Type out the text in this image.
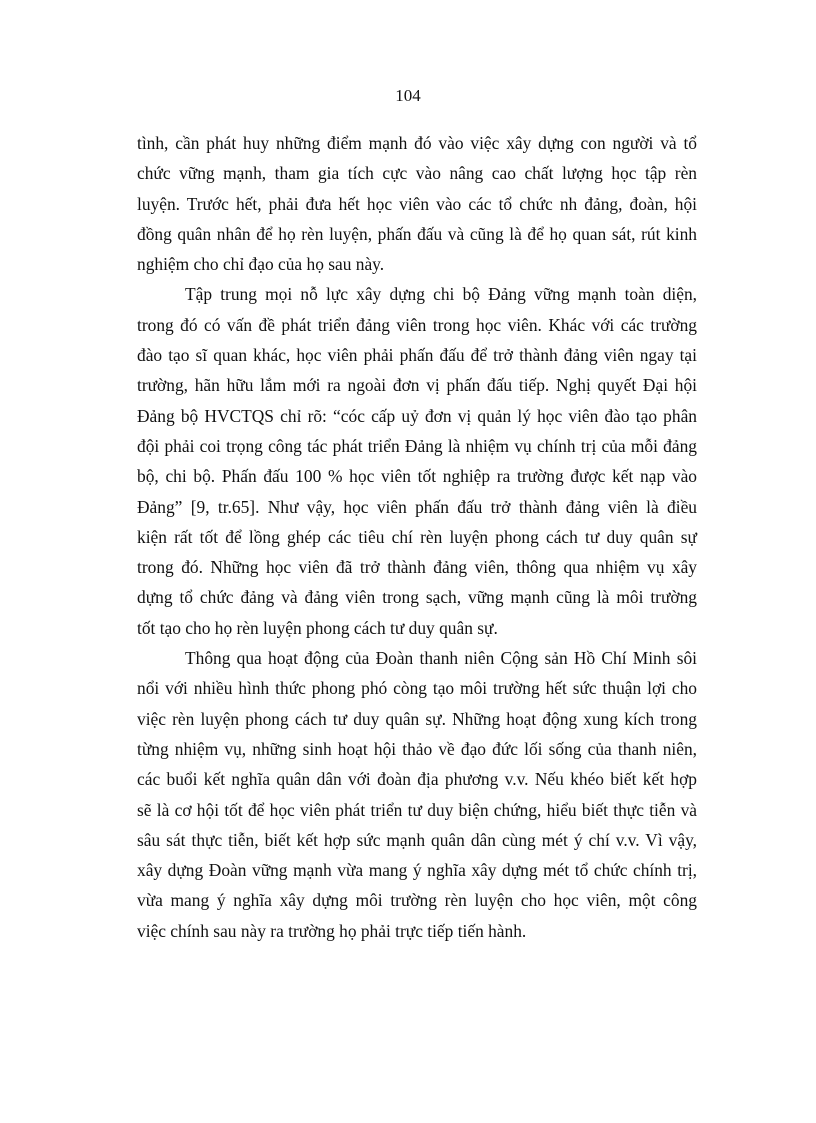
104

tình, cần phát huy những điểm mạnh đó vào việc xây dựng con người và tổ
chức vững mạnh, tham gia tích cực vào nâng cao chất lượng học tập rèn
luyện. Trước hết, phải đưa hết học viên vào các tổ chức nh đảng, đoàn, hội
đồng quân nhân để họ rèn luyện, phấn đấu và cũng là để họ quan sát, rút kinh
nghiệm cho chỉ đạo của họ sau này.

Tập trung mọi nỗ lực xây dựng chi bộ Đảng vững mạnh toàn diện,
trong đó có vấn đề phát triển đảng viên trong học viên. Khác với các trường
đào tạo sĩ quan khác, học viên phải phấn đấu để trở thành đảng viên ngay tại
trường, hãn hữu lắm mới ra ngoài đơn vị phấn đấu tiếp. Nghị quyết Đại hội
Đảng bộ HVCTQS chỉ rõ: “cóc cấp uỷ đơn vị quản lý học viên đào tạo phân
đội phải coi trọng công tác phát triển Đảng là nhiệm vụ chính trị của mỗi đảng
bộ, chi bộ. Phấn đấu 100 % học viên tốt nghiệp ra trường được kết nạp vào
Đảng” [9, tr.65]. Như vậy, học viên phấn đấu trở thành đảng viên là điều
kiện rất tốt để lồng ghép các tiêu chí rèn luyện phong cách tư duy quân sự
trong đó. Những học viên đã trở thành đảng viên, thông qua nhiệm vụ xây
dựng tổ chức đảng và đảng viên trong sạch, vững mạnh cũng là môi trường
tốt tạo cho họ rèn luyện phong cách tư duy quân sự.

Thông qua hoạt động của Đoàn thanh niên Cộng sản Hồ Chí Minh sôi
nổi với nhiều hình thức phong phó còng tạo môi trường hết sức thuận lợi cho
việc rèn luyện phong cách tư duy quân sự. Những hoạt động xung kích trong
từng nhiệm vụ, những sinh hoạt hội thảo về đạo đức lối sống của thanh niên,
các buổi kết nghĩa quân dân với đoàn địa phương v.v. Nếu khéo biết kết hợp
sẽ là cơ hội tốt để học viên phát triển tư duy biện chứng, hiểu biết thực tiễn và
sâu sát thực tiễn, biết kết hợp sức mạnh quân dân cùng mét ý chí v.v. Vì vậy,
xây dựng Đoàn vững mạnh vừa mang ý nghĩa xây dựng mét tổ chức chính trị,
vừa mang ý nghĩa xây dựng môi trường rèn luyện cho học viên, một công
việc chính sau này ra trường họ phải trực tiếp tiến hành.
